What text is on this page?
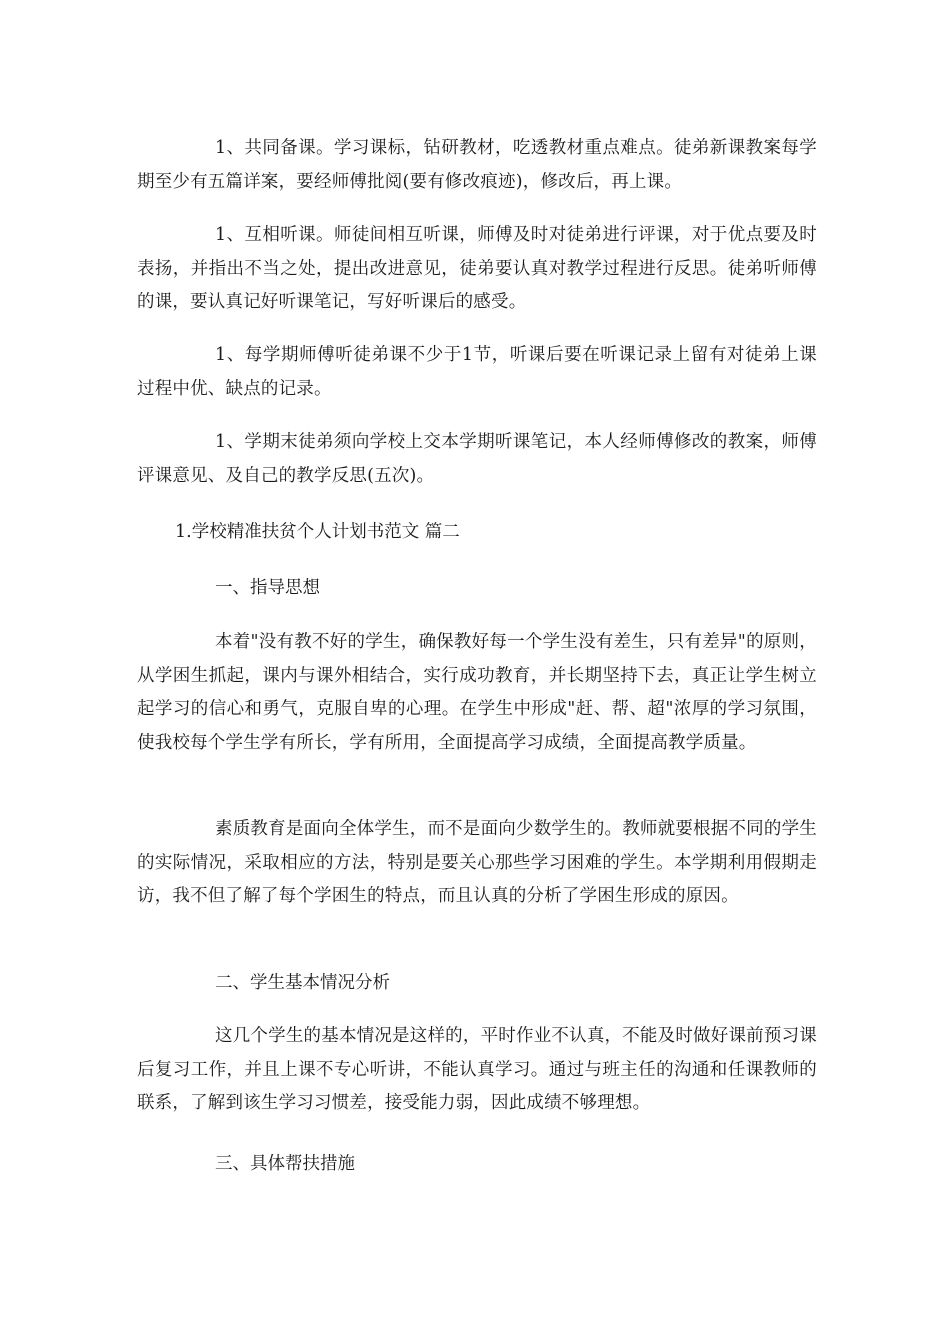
1、共同备课。学习课标，钻研教材，吃透教材重点难点。徒弟新课教案每学期至少有五篇详案，要经师傅批阅(要有修改痕迹)，修改后，再上课。

1、互相听课。师徒间相互听课，师傅及时对徒弟进行评课，对于优点要及时表扬，并指出不当之处，提出改进意见，徒弟要认真对教学过程进行反思。徒弟听师傅的课，要认真记好听课笔记，写好听课后的感受。

1、每学期师傅听徒弟课不少于1节，听课后要在听课记录上留有对徒弟上课过程中优、缺点的记录。

1、学期末徒弟须向学校上交本学期听课笔记，本人经师傅修改的教案，师傅评课意见、及自己的教学反思(五次)。

1.学校精准扶贫个人计划书范文 篇二

一、指导思想

本着"没有教不好的学生，确保教好每一个学生没有差生，只有差异"的原则，从学困生抓起，课内与课外相结合，实行成功教育，并长期坚持下去，真正让学生树立起学习的信心和勇气，克服自卑的心理。在学生中形成"赶、帮、超"浓厚的学习氛围，使我校每个学生学有所长，学有所用，全面提高学习成绩，全面提高教学质量。

素质教育是面向全体学生，而不是面向少数学生的。教师就要根据不同的学生的实际情况，采取相应的方法，特别是要关心那些学习困难的学生。本学期利用假期走访，我不但了解了每个学困生的特点，而且认真的分析了学困生形成的原因。

二、学生基本情况分析

这几个学生的基本情况是这样的，平时作业不认真，不能及时做好课前预习课后复习工作，并且上课不专心听讲，不能认真学习。通过与班主任的沟通和任课教师的联系，了解到该生学习习惯差，接受能力弱，因此成绩不够理想。

三、具体帮扶措施
